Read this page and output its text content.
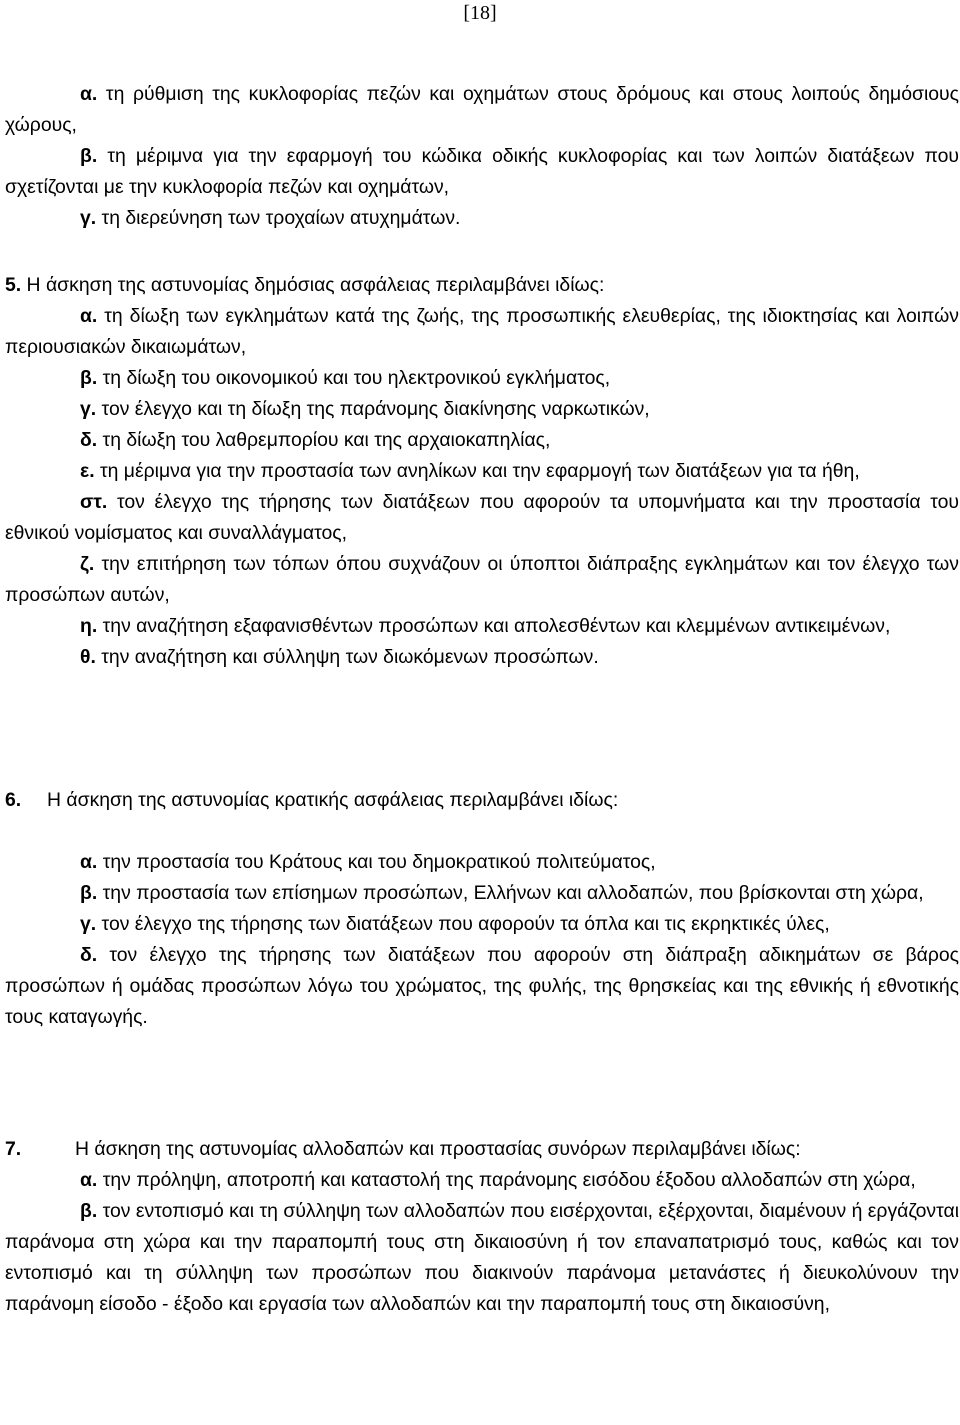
[18]

α. τη ρύθμιση της κυκλοφορίας πεζών και οχημάτων στους δρόμους και στους λοιπούς δημόσιους χώρους,

β. τη μέριμνα για την εφαρμογή του κώδικα οδικής κυκλοφορίας και των λοιπών διατάξεων που σχετίζονται με την κυκλοφορία πεζών και οχημάτων,

γ. τη διερεύνηση των τροχαίων ατυχημάτων.

5. Η άσκηση της αστυνομίας δημόσιας ασφάλειας περιλαμβάνει ιδίως:

α. τη δίωξη των εγκλημάτων κατά της ζωής, της προσωπικής ελευθερίας, της ιδιοκτησίας και λοιπών περιουσιακών δικαιωμάτων,

β. τη δίωξη του οικονομικού και του ηλεκτρονικού εγκλήματος,

γ. τον έλεγχο και τη δίωξη της παράνομης διακίνησης ναρκωτικών,

δ. τη δίωξη του λαθρεμπορίου και της αρχαιοκαπηλίας,

ε. τη μέριμνα για την προστασία των ανηλίκων και την εφαρμογή των διατάξεων για τα ήθη,

στ. τον έλεγχο της τήρησης των διατάξεων που αφορούν τα υπομνήματα και την προστασία του εθνικού νομίσματος και συναλλάγματος,

ζ. την επιτήρηση των τόπων όπου συχνάζουν οι ύποπτοι διάπραξης εγκλημάτων και τον έλεγχο των προσώπων αυτών,

η. την αναζήτηση εξαφανισθέντων προσώπων και απολεσθέντων και κλεμμένων αντικειμένων,

θ. την αναζήτηση και σύλληψη των διωκόμενων προσώπων.

6. Η άσκηση της αστυνομίας κρατικής ασφάλειας περιλαμβάνει ιδίως:

α. την προστασία του Κράτους και του δημοκρατικού πολιτεύματος,

β. την προστασία των επίσημων προσώπων, Ελλήνων και αλλοδαπών, που βρίσκονται στη χώρα,

γ. τον έλεγχο της τήρησης των διατάξεων που αφορούν τα όπλα και τις εκρηκτικές ύλες,

δ. τον έλεγχο της τήρησης των διατάξεων που αφορούν στη διάπραξη αδικημάτων σε βάρος προσώπων ή ομάδας προσώπων λόγω του χρώματος, της φυλής, της θρησκείας και της εθνικής ή εθνοτικής τους καταγωγής.

7.	Η άσκηση της αστυνομίας αλλοδαπών και προστασίας συνόρων περιλαμβάνει ιδίως:

α. την πρόληψη, αποτροπή και καταστολή της παράνομης εισόδου έξοδου αλλοδαπών στη χώρα,

β. τον εντοπισμό και τη σύλληψη των αλλοδαπών που εισέρχονται, εξέρχονται, διαμένουν ή εργάζονται παράνομα στη χώρα και την παραπομπή τους στη δικαιοσύνη ή τον επαναπατρισμό τους, καθώς και τον εντοπισμό και τη σύλληψη των προσώπων που διακινούν παράνομα μετανάστες ή διευκολύνουν την παράνομη είσοδο - έξοδο και εργασία των αλλοδαπών και την παραπομπή τους στη δικαιοσύνη,
